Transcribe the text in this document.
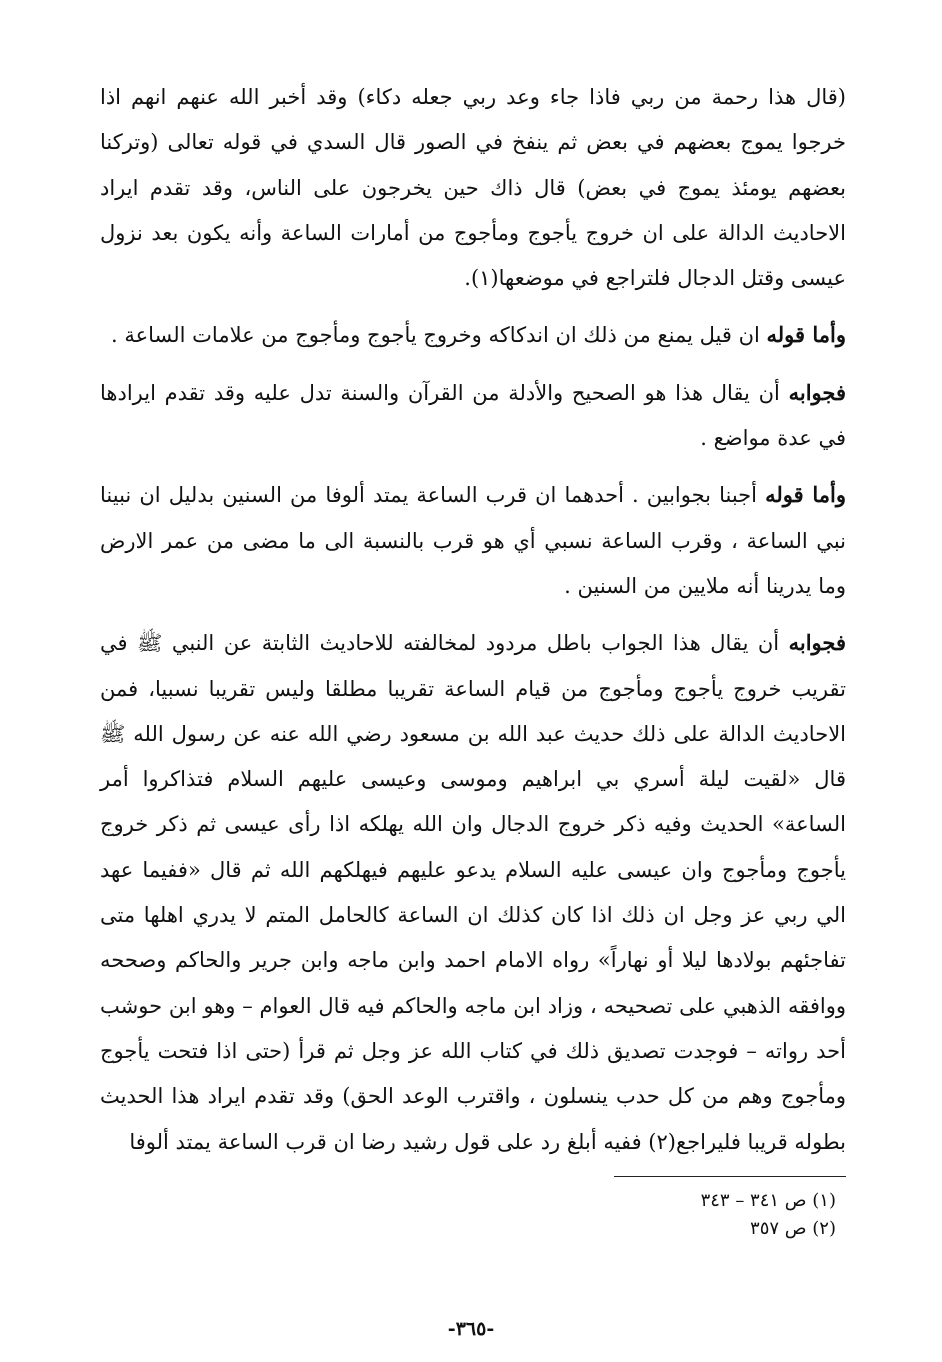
(قال هذا رحمة من ربي فاذا جاء وعد ربي جعله دكاء) وقد أخبر الله عنهم انهم اذا خرجوا يموج بعضهم في بعض ثم ينفخ في الصور قال السدي في قوله تعالى (وتركنا بعضهم يومئذ يموج في بعض) قال ذاك حين يخرجون على الناس، وقد تقدم ايراد الاحاديث الدالة على ان خروج يأجوج ومأجوج من أمارات الساعة وأنه يكون بعد نزول عيسى وقتل الدجال فلتراجع في موضعها(١).

وأما قوله ان قيل يمنع من ذلك ان اندكاكه وخروج يأجوج ومأجوج من علامات الساعة .

فجوابه أن يقال هذا هو الصحيح والأدلة من القرآن والسنة تدل عليه وقد تقدم ايرادها في عدة مواضع .

وأما قوله أجبنا بجوابين . أحدهما ان قرب الساعة يمتد ألوفا من السنين بدليل ان نبينا نبي الساعة ، وقرب الساعة نسبي أي هو قرب بالنسبة الى ما مضى من عمر الارض وما يدرينا أنه ملايين من السنين .

فجوابه أن يقال هذا الجواب باطل مردود لمخالفته للاحاديث الثابتة عن النبي ﷺ في تقريب خروج يأجوج ومأجوج من قيام الساعة تقريبا مطلقا وليس تقريبا نسبيا، فمن الاحاديث الدالة على ذلك حديث عبد الله بن مسعود رضي الله عنه عن رسول الله ﷺ قال «لقيت ليلة أسري بي ابراهيم وموسى وعيسى عليهم السلام فتذاكروا أمر الساعة» الحديث وفيه ذكر خروج الدجال وان الله يهلكه اذا رأى عيسى ثم ذكر خروج يأجوج ومأجوج وان عيسى عليه السلام يدعو عليهم فيهلكهم الله ثم قال «ففيما عهد الي ربي عز وجل ان ذلك اذا كان كذلك ان الساعة كالحامل المتم لا يدري اهلها متى تفاجئهم بولادها ليلا أو نهاراً» رواه الامام احمد وابن ماجه وابن جرير والحاكم وصححه ووافقه الذهبي على تصحيحه ، وزاد ابن ماجه والحاكم فيه قال العوام – وهو ابن حوشب أحد رواته – فوجدت تصديق ذلك في كتاب الله عز وجل ثم قرأ (حتى اذا فتحت يأجوج ومأجوج وهم من كل حدب ينسلون ، واقترب الوعد الحق) وقد تقدم ايراد هذا الحديث بطوله قريبا فليراجع(٢) ففيه أبلغ رد على قول رشيد رضا ان قرب الساعة يمتد ألوفا

(١) ص ٣٤١ – ٣٤٣
(٢) ص ٣٥٧
-٣٦٥-
